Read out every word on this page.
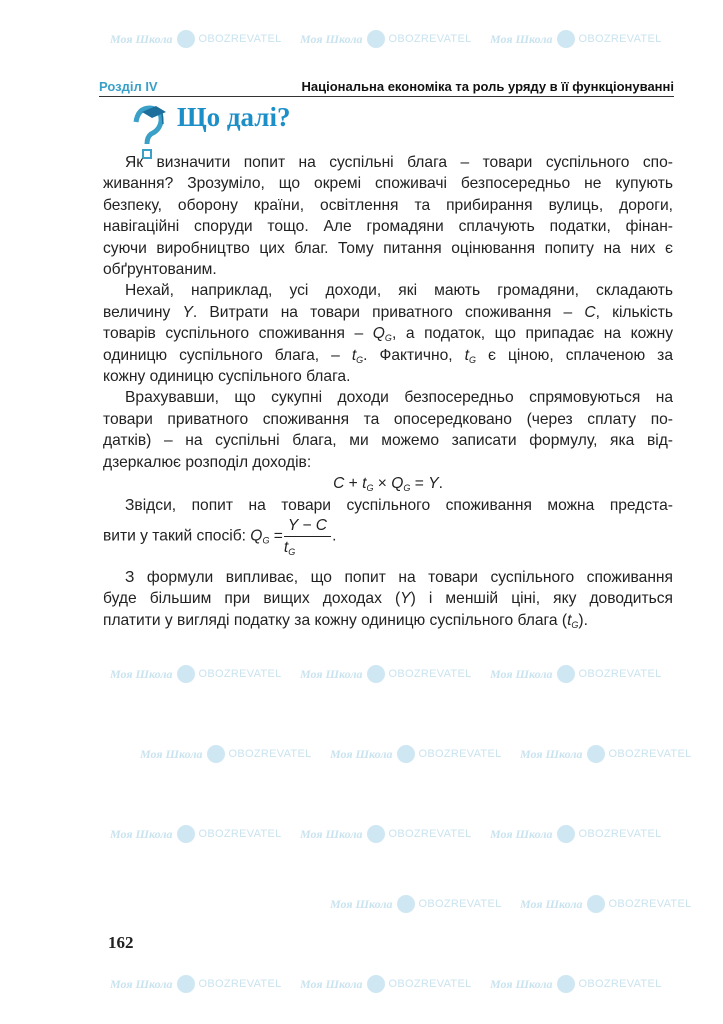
Моя Школа OBOZREVATEL Моя Школа OBOZREVATEL Моя Школа OBOZREVATEL
Моя Школа OBOZREVATEL Моя Школа OBOZREVATEL Моя Школа OBOZREVATEL
Моя Школа OBOZREVATEL Моя Школа OBOZREVATEL Моя Школа OBOZREVATEL
Моя Школа OBOZREVATEL Моя Школа OBOZREVATEL Моя Школа OBOZREVATEL
Моя Школа OBOZREVATEL Моя Школа OBOZREVATEL
Моя Школа OBOZREVATEL Моя Школа OBOZREVATEL Моя Школа OBOZREVATEL
Розділ IV	Національна економіка та роль уряду в її функціонуванні
Що далі?
Як визначити попит на суспільні блага – товари суспільного спо-
живання? Зрозуміло, що окремі споживачі безпосередньо не купують
безпеку, оборону країни, освітлення та прибирання вулиць, дороги,
навігаційні споруди тощо. Але громадяни сплачують податки, фінан-
суючи виробництво цих благ. Тому питання оцінювання попиту на них є
обґрунтованим.
Нехай, наприклад, усі доходи, які мають громадяни, складають
величину Y. Витрати на товари приватного споживання – C, кількість
товарів суспільного споживання – $Q_G$, а податок, що припадає на кожну
одиницю суспільного блага, – $t_G$. Фактично, $t_G$ є ціною, сплаченою за
кожну одиницю суспільного блага.
Врахувавши, що сукупні доходи безпосередньо спрямовуються на
товари приватного споживання та опосередковано (через сплату по-
датків) – на суспільні блага, ми можемо записати формулу, яка від-
дзеркалює розподіл доходів:
$C + t_G \times Q_G = Y$.
Звідси, попит на товари суспільного споживання можна предста-
вити у такий спосіб: $Q_G = \frac{Y - C}{t_G}$ .
З формули випливає, що попит на товари суспільного споживання
буде більшим при вищих доходах (Y) і меншій ціні, яку доводиться
платити у вигляді податку за кожну одиницю суспільного блага $(t_G)$.
162
